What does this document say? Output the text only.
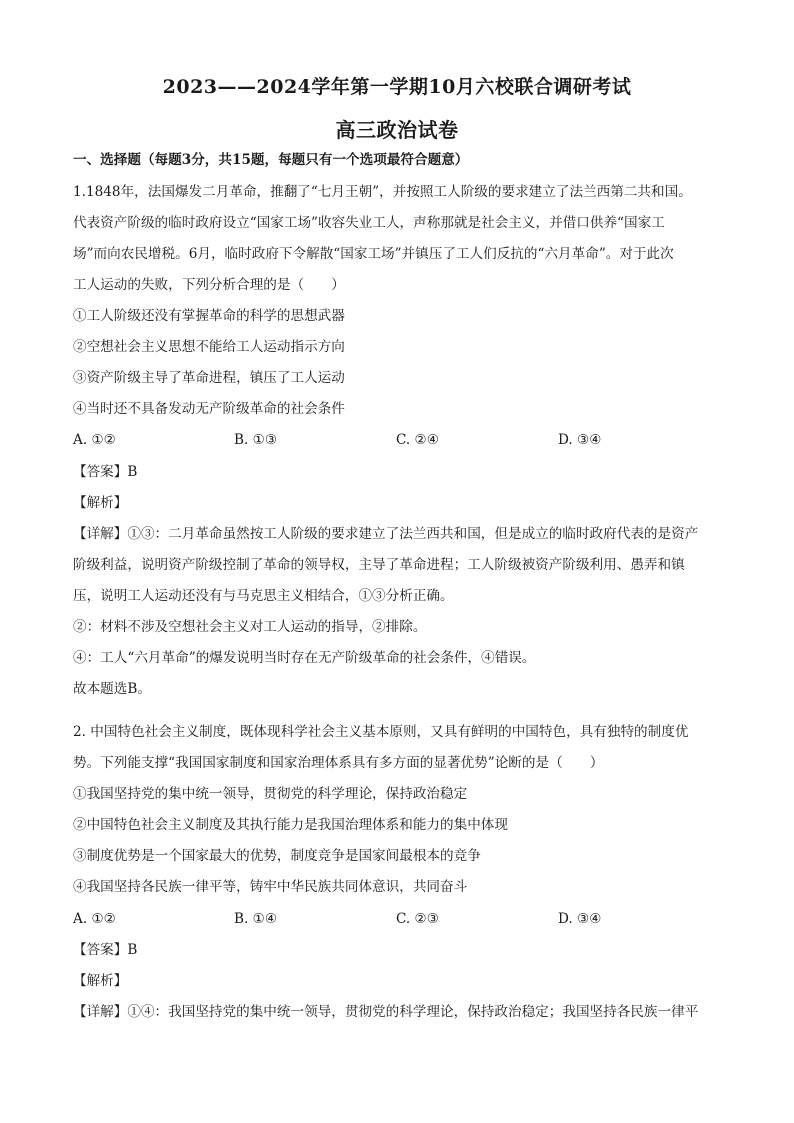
2023——2024学年第一学期10月六校联合调研考试
高三政治试卷
一、选择题（每题3分，共15题，每题只有一个选项最符合题意）
1.1848年，法国爆发二月革命，推翻了“七月王朝”，并按照工人阶级的要求建立了法兰西第二共和国。
代表资产阶级的临时政府设立“国家工场”收容失业工人，声称那就是社会主义，并借口供养“国家工
场”而向农民增税。6月，临时政府下令解散“国家工场”并镇压了工人们反抗的“六月革命”。对于此次
工人运动的失败，下列分析合理的是（　　）
①工人阶级还没有掌握革命的科学的思想武器
②空想社会主义思想不能给工人运动指示方向
③资产阶级主导了革命进程，镇压了工人运动
④当时还不具备发动无产阶级革命的社会条件
A. ①②	B. ①③	C. ②④	D. ③④
【答案】B
【解析】
【详解】①③：二月革命虽然按工人阶级的要求建立了法兰西共和国，但是成立的临时政府代表的是资产
阶级利益，说明资产阶级控制了革命的领导权，主导了革命进程；工人阶级被资产阶级利用、愚弄和镇
压，说明工人运动还没有与马克思主义相结合，①③分析正确。
②：材料不涉及空想社会主义对工人运动的指导，②排除。
④：工人“六月革命”的爆发说明当时存在无产阶级革命的社会条件，④错误。
故本题选B。
2. 中国特色社会主义制度，既体现科学社会主义基本原则，又具有鲜明的中国特色，具有独特的制度优
势。下列能支撑“我国国家制度和国家治理体系具有多方面的显著优势”论断的是（　　）
①我国坚持党的集中统一领导，贯彻党的科学理论，保持政治稳定
②中国特色社会主义制度及其执行能力是我国治理体系和能力的集中体现
③制度优势是一个国家最大的优势，制度竞争是国家间最根本的竞争
④我国坚持各民族一律平等，铸牢中华民族共同体意识，共同奋斗
A. ①②	B. ①④	C. ②③	D. ③④
【答案】B
【解析】
【详解】①④：我国坚持党的集中统一领导，贯彻党的科学理论，保持政治稳定；我国坚持各民族一律平
